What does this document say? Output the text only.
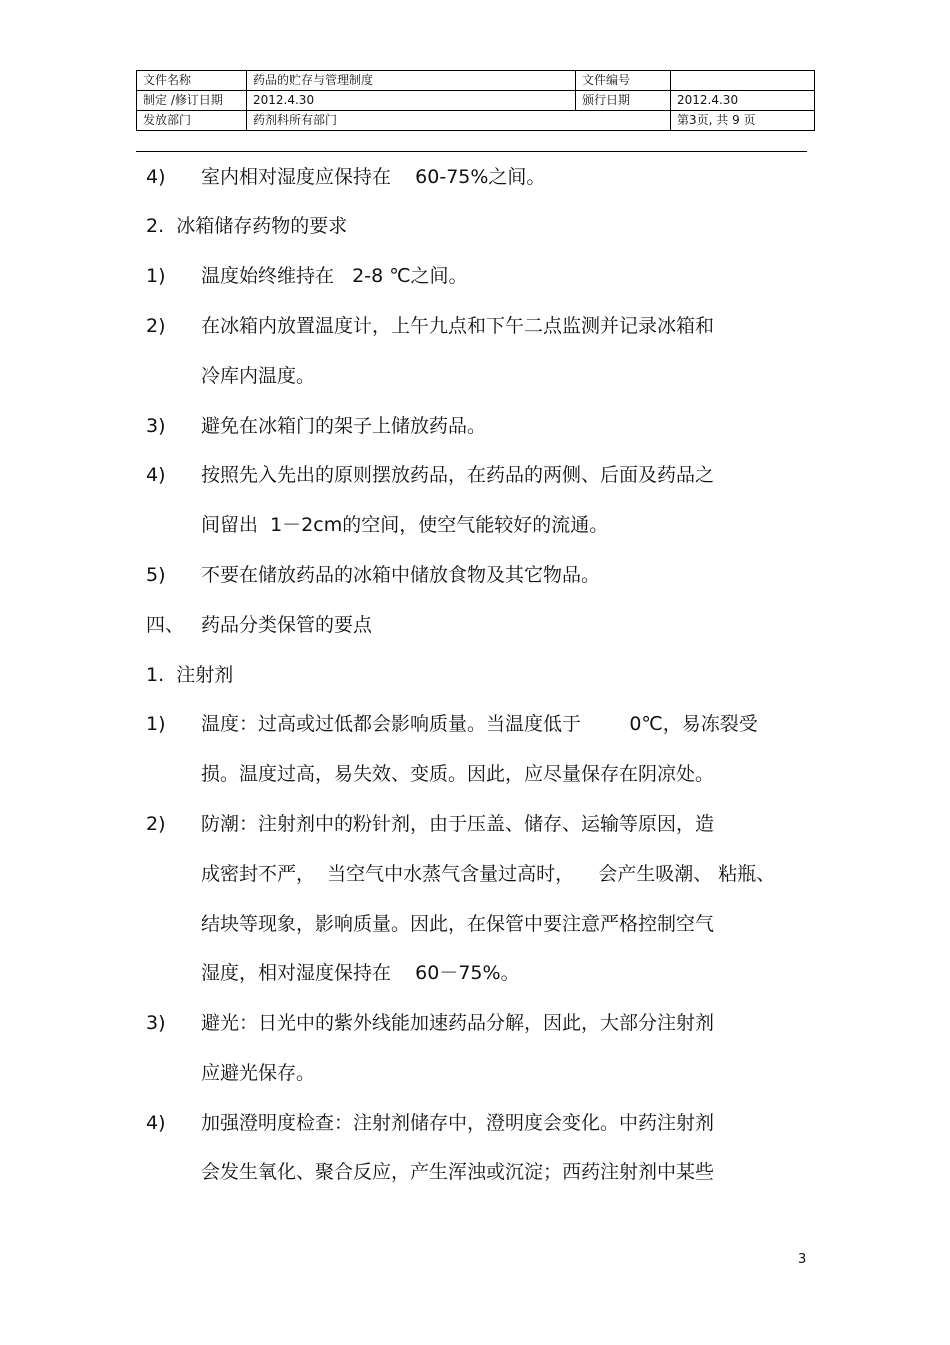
文件名称	药品的贮存与管理制度	文件编号	
制定 /修订日期	2012.4.30	颁行日期	2012.4.30
发放部门	药剂科所有部门		第3页, 共 9 页
4) 室内相对湿度应保持在    60-75%之间。
2.  冰箱储存药物的要求
1) 温度始终维持在   2-8 ℃之间。
2) 在冰箱内放置温度计，上午九点和下午二点监测并记录冰箱和
冷库内温度。
3) 避免在冰箱门的架子上储放药品。
4) 按照先入先出的原则摆放药品，在药品的两侧、后面及药品之
间留出  1－2cm的空间，使空气能较好的流通。
5) 不要在储放药品的冰箱中储放食物及其它物品。
四、 药品分类保管的要点
1.  注射剂
1) 温度：过高或过低都会影响质量。当温度低于        0℃，易冻裂受
损。温度过高，易失效、变质。因此，应尽量保存在阴凉处。
2) 防潮：注射剂中的粉针剂，由于压盖、储存、运输等原因，造
成密封不严，  当空气中水蒸气含量过高时，    会产生吸潮、 粘瓶、
结块等现象，影响质量。因此，在保管中要注意严格控制空气
湿度，相对湿度保持在    60－75%。
3) 避光：日光中的紫外线能加速药品分解，因此，大部分注射剂
应避光保存。
4) 加强澄明度检查：注射剂储存中，澄明度会变化。中药注射剂
会发生氧化、聚合反应，产生浑浊或沉淀；西药注射剂中某些
3
